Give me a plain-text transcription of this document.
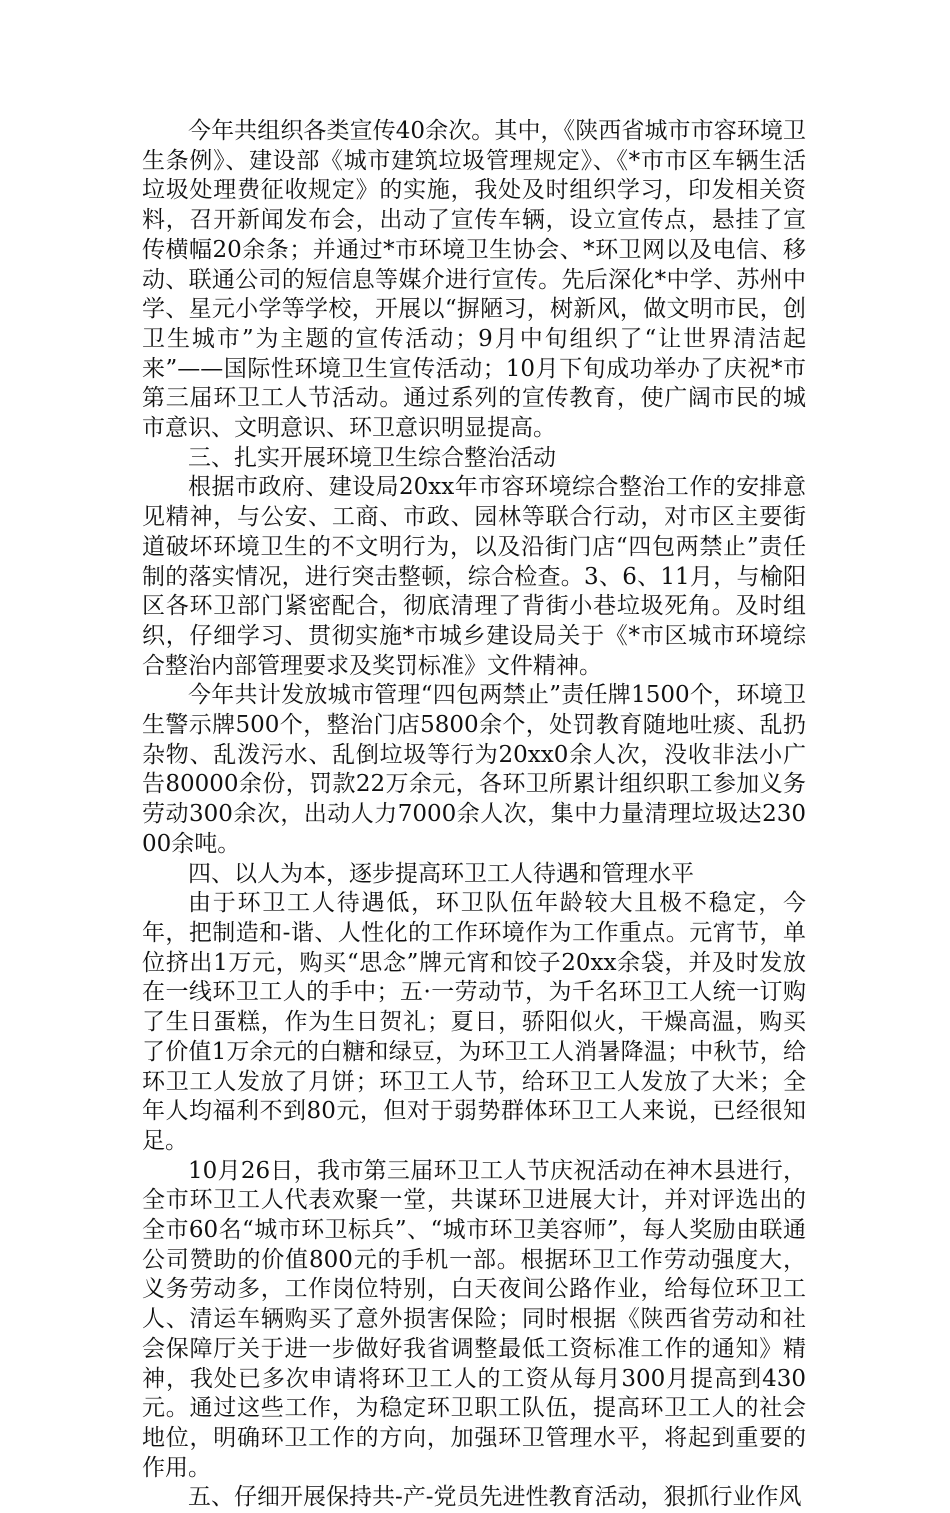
今年共组织各类宣传40余次。其中，《陕西省城市市容环境卫生条例》、建设部《城市建筑垃圾管理规定》、《*市市区车辆生活垃圾处理费征收规定》的实施，我处及时组织学习，印发相关资料，召开新闻发布会，出动了宣传车辆，设立宣传点，悬挂了宣传横幅20余条；并通过*市环境卫生协会、*环卫网以及电信、移动、联通公司的短信息等媒介进行宣传。先后深化*中学、苏州中学、星元小学等学校，开展以“摒陋习，树新风，做文明市民，创卫生城市”为主题的宣传活动；9月中旬组织了“让世界清洁起来”——国际性环境卫生宣传活动；10月下旬成功举办了庆祝*市第三届环卫工人节活动。通过系列的宣传教育，使广阔市民的城市意识、文明意识、环卫意识明显提高。

三、扎实开展环境卫生综合整治活动

根据市政府、建设局20xx年市容环境综合整治工作的安排意见精神，与公安、工商、市政、园林等联合行动，对市区主要街道破坏环境卫生的不文明行为，以及沿街门店“四包两禁止”责任制的落实情况，进行突击整顿，综合检查。3、6、11月，与榆阳区各环卫部门紧密配合，彻底清理了背街小巷垃圾死角。及时组织，仔细学习、贯彻实施*市城乡建设局关于《*市区城市环境综合整治内部管理要求及奖罚标准》文件精神。

今年共计发放城市管理“四包两禁止”责任牌1500个，环境卫生警示牌500个，整治门店5800余个，处罚教育随地吐痰、乱扔杂物、乱泼污水、乱倒垃圾等行为20xx0余人次，没收非法小广告80000余份，罚款22万余元，各环卫所累计组织职工参加义务劳动300余次，出动人力7000余人次，集中力量清理垃圾达23000余吨。

四、以人为本，逐步提高环卫工人待遇和管理水平

由于环卫工人待遇低，环卫队伍年龄较大且极不稳定，今年，把制造和-谐、人性化的工作环境作为工作重点。元宵节，单位挤出1万元，购买“思念”牌元宵和饺子20xx余袋，并及时发放在一线环卫工人的手中；五·一劳动节，为千名环卫工人统一订购了生日蛋糕，作为生日贺礼；夏日，骄阳似火，干燥高温，购买了价值1万余元的白糖和绿豆，为环卫工人消暑降温；中秋节，给环卫工人发放了月饼；环卫工人节，给环卫工人发放了大米；全年人均福利不到80元，但对于弱势群体环卫工人来说，已经很知足。

10月26日，我市第三届环卫工人节庆祝活动在神木县进行，全市环卫工人代表欢聚一堂，共谋环卫进展大计，并对评选出的全市60名“城市环卫标兵”、“城市环卫美容师”，每人奖励由联通公司赞助的价值800元的手机一部。根据环卫工作劳动强度大，义务劳动多，工作岗位特别，白天夜间公路作业，给每位环卫工人、清运车辆购买了意外损害保险；同时根据《陕西省劳动和社会保障厅关于进一步做好我省调整最低工资标准工作的通知》精神，我处已多次申请将环卫工人的工资从每月300月提高到430元。通过这些工作，为稳定环卫职工队伍，提高环卫工人的社会地位，明确环卫工作的方向，加强环卫管理水平，将起到重要的作用。

五、仔细开展保持共-产-党员先进性教育活动，狠抓行业作风
